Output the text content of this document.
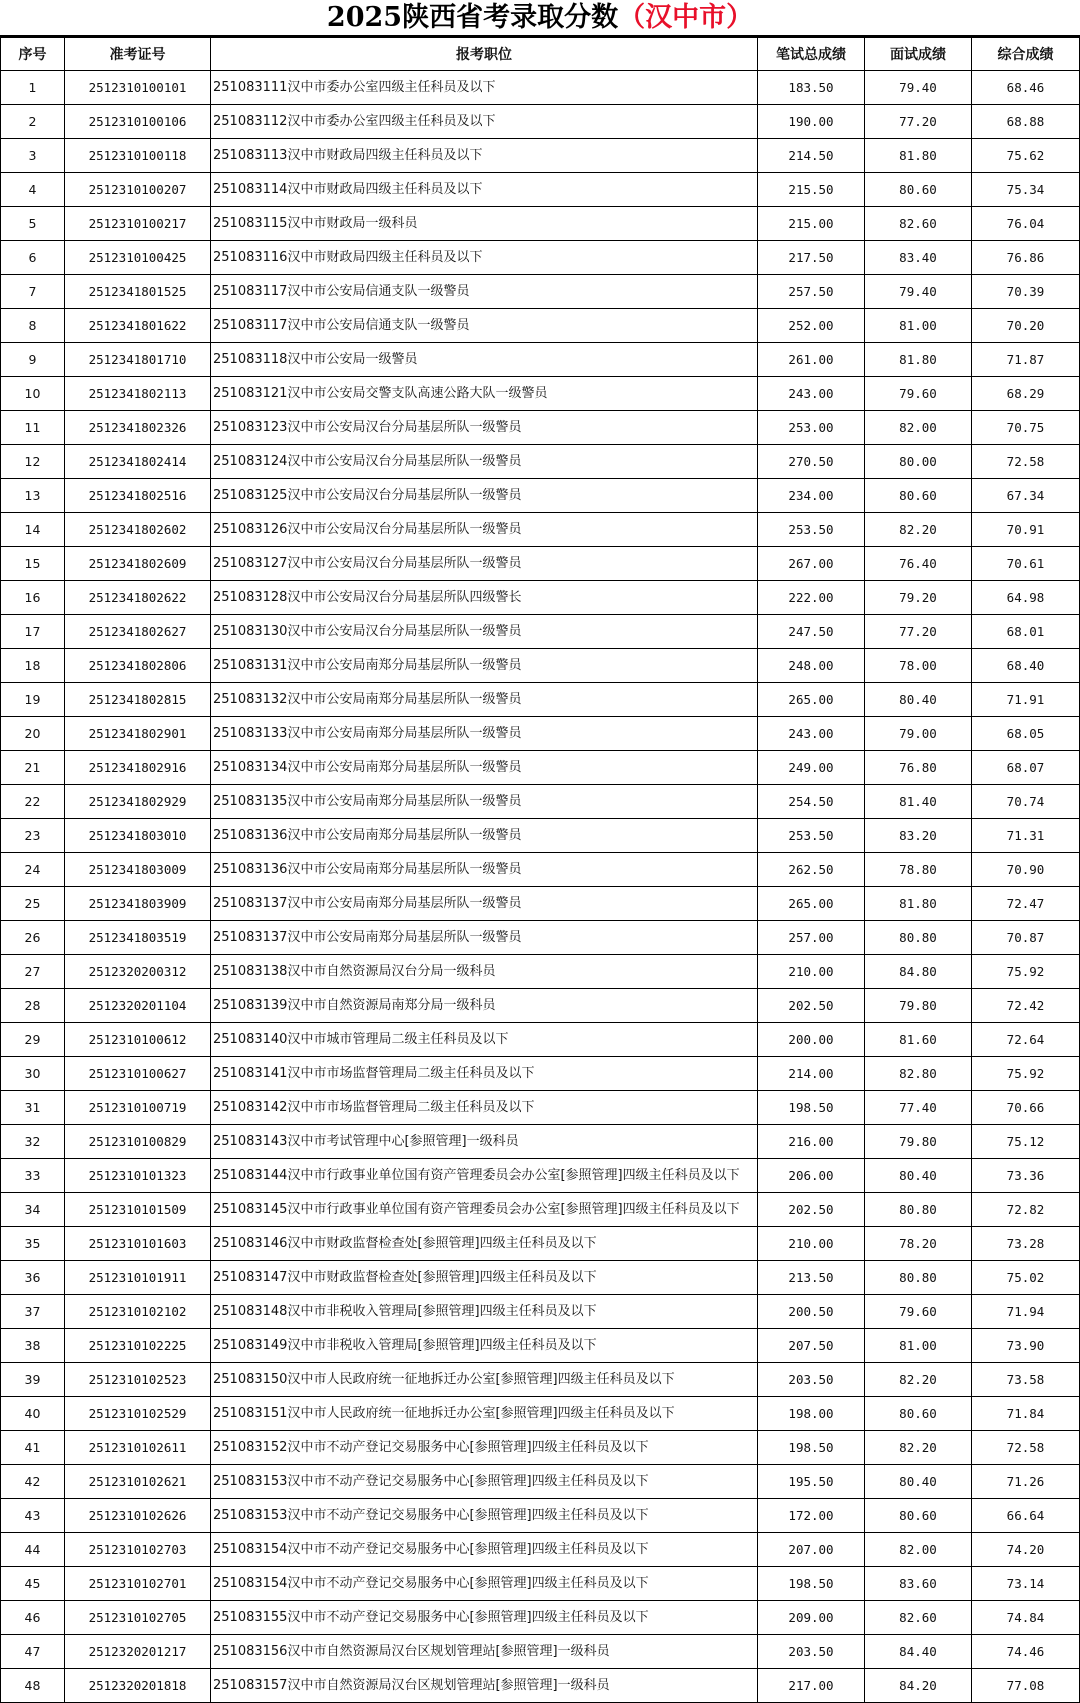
2025陕西省考录取分数（汉中市）
序号	准考证号	报考职位	笔试总成绩	面试成绩	综合成绩
1	2512310100101	251083111汉中市委办公室四级主任科员及以下	183.50	79.40	68.46
2	2512310100106	251083112汉中市委办公室四级主任科员及以下	190.00	77.20	68.88
3	2512310100118	251083113汉中市财政局四级主任科员及以下	214.50	81.80	75.62
4	2512310100207	251083114汉中市财政局四级主任科员及以下	215.50	80.60	75.34
5	2512310100217	251083115汉中市财政局一级科员	215.00	82.60	76.04
6	2512310100425	251083116汉中市财政局四级主任科员及以下	217.50	83.40	76.86
7	2512341801525	251083117汉中市公安局信通支队一级警员	257.50	79.40	70.39
8	2512341801622	251083117汉中市公安局信通支队一级警员	252.00	81.00	70.20
9	2512341801710	251083118汉中市公安局一级警员	261.00	81.80	71.87
10	2512341802113	251083121汉中市公安局交警支队高速公路大队一级警员	243.00	79.60	68.29
11	2512341802326	251083123汉中市公安局汉台分局基层所队一级警员	253.00	82.00	70.75
12	2512341802414	251083124汉中市公安局汉台分局基层所队一级警员	270.50	80.00	72.58
13	2512341802516	251083125汉中市公安局汉台分局基层所队一级警员	234.00	80.60	67.34
14	2512341802602	251083126汉中市公安局汉台分局基层所队一级警员	253.50	82.20	70.91
15	2512341802609	251083127汉中市公安局汉台分局基层所队一级警员	267.00	76.40	70.61
16	2512341802622	251083128汉中市公安局汉台分局基层所队四级警长	222.00	79.20	64.98
17	2512341802627	251083130汉中市公安局汉台分局基层所队一级警员	247.50	77.20	68.01
18	2512341802806	251083131汉中市公安局南郑分局基层所队一级警员	248.00	78.00	68.40
19	2512341802815	251083132汉中市公安局南郑分局基层所队一级警员	265.00	80.40	71.91
20	2512341802901	251083133汉中市公安局南郑分局基层所队一级警员	243.00	79.00	68.05
21	2512341802916	251083134汉中市公安局南郑分局基层所队一级警员	249.00	76.80	68.07
22	2512341802929	251083135汉中市公安局南郑分局基层所队一级警员	254.50	81.40	70.74
23	2512341803010	251083136汉中市公安局南郑分局基层所队一级警员	253.50	83.20	71.31
24	2512341803009	251083136汉中市公安局南郑分局基层所队一级警员	262.50	78.80	70.90
25	2512341803909	251083137汉中市公安局南郑分局基层所队一级警员	265.00	81.80	72.47
26	2512341803519	251083137汉中市公安局南郑分局基层所队一级警员	257.00	80.80	70.87
27	2512320200312	251083138汉中市自然资源局汉台分局一级科员	210.00	84.80	75.92
28	2512320201104	251083139汉中市自然资源局南郑分局一级科员	202.50	79.80	72.42
29	2512310100612	251083140汉中市城市管理局二级主任科员及以下	200.00	81.60	72.64
30	2512310100627	251083141汉中市市场监督管理局二级主任科员及以下	214.00	82.80	75.92
31	2512310100719	251083142汉中市市场监督管理局二级主任科员及以下	198.50	77.40	70.66
32	2512310100829	251083143汉中市考试管理中心[参照管理]一级科员	216.00	79.80	75.12
33	2512310101323	251083144汉中市行政事业单位国有资产管理委员会办公室[参照管理]四级主任科员及以下	206.00	80.40	73.36
34	2512310101509	251083145汉中市行政事业单位国有资产管理委员会办公室[参照管理]四级主任科员及以下	202.50	80.80	72.82
35	2512310101603	251083146汉中市财政监督检查处[参照管理]四级主任科员及以下	210.00	78.20	73.28
36	2512310101911	251083147汉中市财政监督检查处[参照管理]四级主任科员及以下	213.50	80.80	75.02
37	2512310102102	251083148汉中市非税收入管理局[参照管理]四级主任科员及以下	200.50	79.60	71.94
38	2512310102225	251083149汉中市非税收入管理局[参照管理]四级主任科员及以下	207.50	81.00	73.90
39	2512310102523	251083150汉中市人民政府统一征地拆迁办公室[参照管理]四级主任科员及以下	203.50	82.20	73.58
40	2512310102529	251083151汉中市人民政府统一征地拆迁办公室[参照管理]四级主任科员及以下	198.00	80.60	71.84
41	2512310102611	251083152汉中市不动产登记交易服务中心[参照管理]四级主任科员及以下	198.50	82.20	72.58
42	2512310102621	251083153汉中市不动产登记交易服务中心[参照管理]四级主任科员及以下	195.50	80.40	71.26
43	2512310102626	251083153汉中市不动产登记交易服务中心[参照管理]四级主任科员及以下	172.00	80.60	66.64
44	2512310102703	251083154汉中市不动产登记交易服务中心[参照管理]四级主任科员及以下	207.00	82.00	74.20
45	2512310102701	251083154汉中市不动产登记交易服务中心[参照管理]四级主任科员及以下	198.50	83.60	73.14
46	2512310102705	251083155汉中市不动产登记交易服务中心[参照管理]四级主任科员及以下	209.00	82.60	74.84
47	2512320201217	251083156汉中市自然资源局汉台区规划管理站[参照管理]一级科员	203.50	84.40	74.46
48	2512320201818	251083157汉中市自然资源局汉台区规划管理站[参照管理]一级科员	217.00	84.20	77.08
